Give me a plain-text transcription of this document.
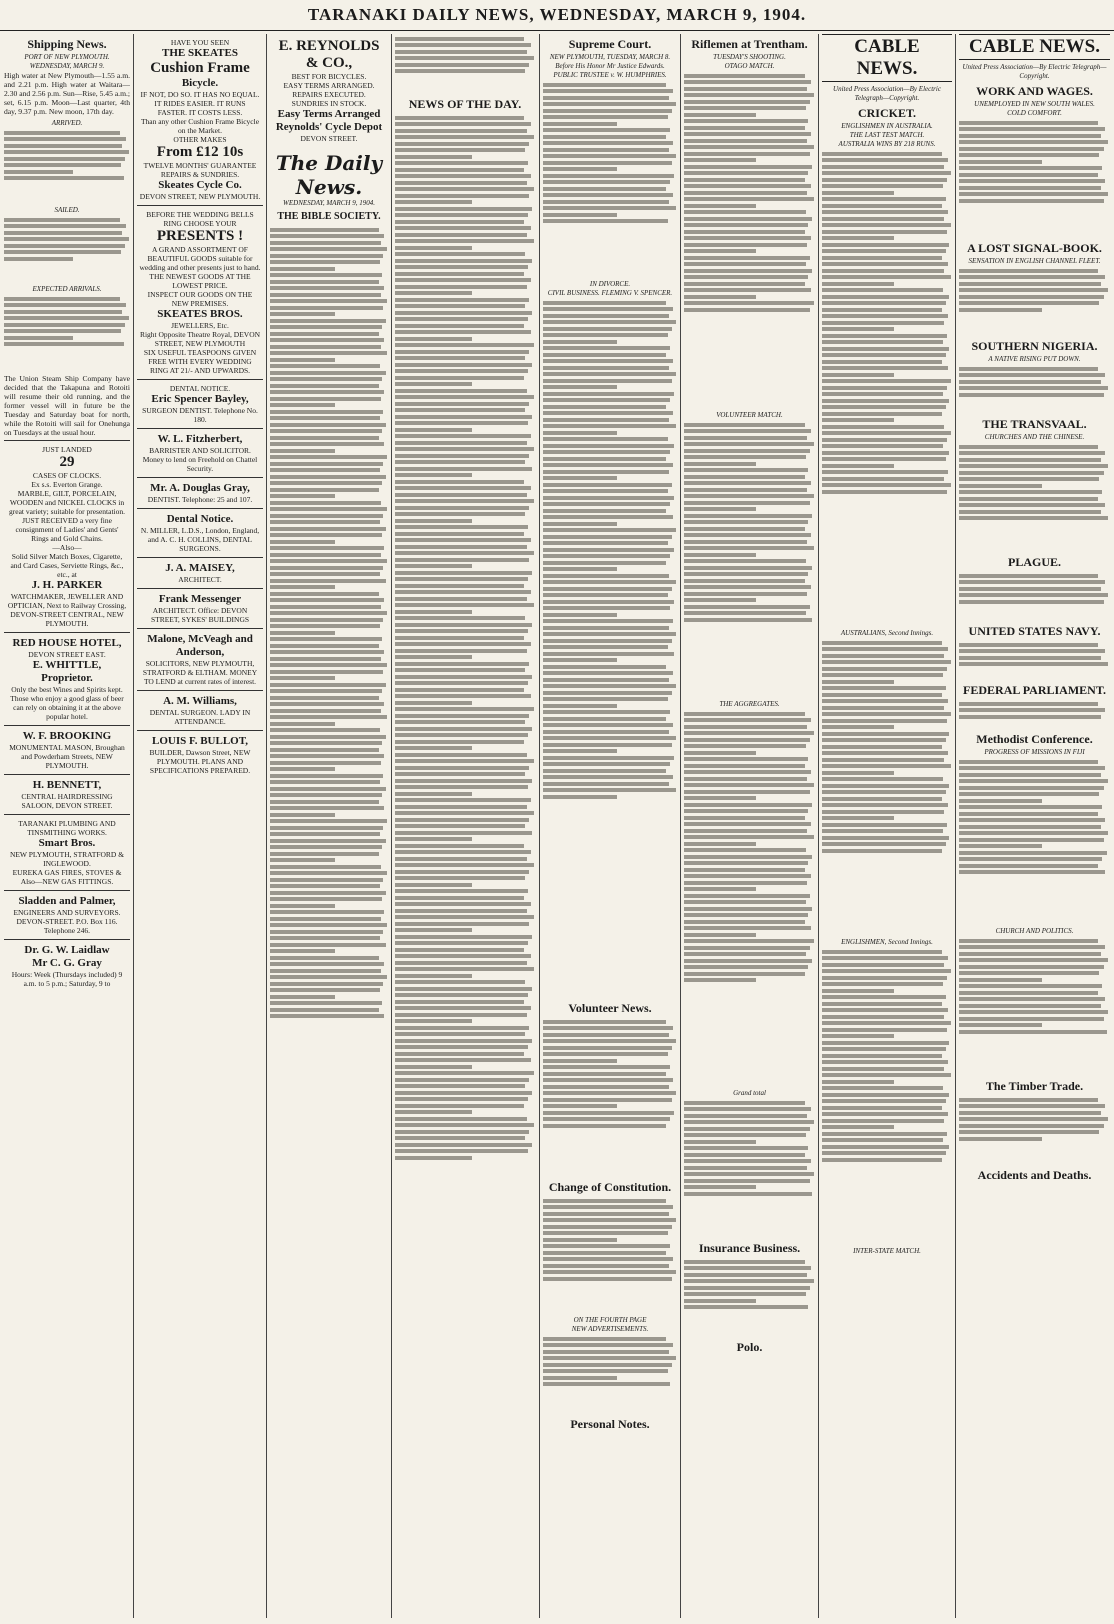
TARANAKI DAILY NEWS, WEDNESDAY, MARCH 9, 1904.
Shipping News.
PORT OF NEW PLYMOUTH.
WEDNESDAY, MARCH 9.
High water at New Plymouth—1.55 a.m. and 2.21 p.m. High water at Waitara—2.30 and 2.56 p.m. Sun—Rise, 5.45 a.m.; set, 6.15 p.m. Moon—Last quarter, 4th day, 9.37 p.m. New moon, 17th day.
ARRIVED.
SAILED.
EXPECTED ARRIVALS.
The Union Steam Ship Company have decided that the Takapuna and Rotoiti will resume their old running, and the former vessel will in future be the Tuesday and Saturday boat for north, while the Rotoiti will sail for Onehunga on Tuesdays at the usual hour.
JUST LANDED
29
CASES OF CLOCKS.
Ex s.s. Everton Grange.
MARBLE, GILT, PORCELAIN, WOODEN and NICKEL CLOCKS in great variety; suitable for presentation.
JUST RECEIVED a very fine consignment of Ladies' and Gents' Rings and Gold Chains.
—Also—
Solid Silver Match Boxes, Cigarette, and Card Cases, Serviette Rings, &c., etc., at
J. H. PARKER
WATCHMAKER, JEWELLER AND OPTICIAN, Next to Railway Crossing, DEVON-STREET CENTRAL, NEW PLYMOUTH.
RED HOUSE HOTEL,
DEVON STREET EAST.
E. WHITTLE, Proprietor.
Only the best Wines and Spirits kept. Those who enjoy a good glass of beer can rely on obtaining it at the above popular hotel.
W. F. BROOKING
MONUMENTAL MASON, Broughan and Powderham Streets, NEW PLYMOUTH.
H. BENNETT,
CENTRAL HAIRDRESSING SALOON, DEVON STREET.
TARANAKI PLUMBING AND TINSMITHING WORKS.
Smart Bros.
NEW PLYMOUTH, STRATFORD & INGLEWOOD.
EUREKA GAS FIRES, STOVES & Also—NEW GAS FITTINGS.
Sladden and Palmer,
ENGINEERS AND SURVEYORS. DEVON-STREET. P.O. Box 116. Telephone 246.
Dr. G. W. Laidlaw
Mr C. G. Gray
Hours: Week (Thursdays included) 9 a.m. to 5 p.m.; Saturday, 9 to
HAVE YOU SEEN
THE SKEATES
Cushion Frame
Bicycle.
IF NOT, DO SO. IT HAS NO EQUAL.
IT RIDES EASIER. IT RUNS FASTER. IT COSTS LESS.
Than any other Cushion Frame Bicycle on the Market.
OTHER MAKES
From £12 10s
TWELVE MONTHS' GUARANTEE
REPAIRS & SUNDRIES.
Skeates Cycle Co.
DEVON STREET, NEW PLYMOUTH.
BEFORE THE WEDDING BELLS RING CHOOSE YOUR
PRESENTS !
A GRAND ASSORTMENT OF BEAUTIFUL GOODS suitable for wedding and other presents just to hand.
THE NEWEST GOODS AT THE LOWEST PRICE.
INSPECT OUR GOODS ON THE NEW PREMISES.
SKEATES BROS.
JEWELLERS, Etc.
Right Opposite Theatre Royal, DEVON STREET, NEW PLYMOUTH
SIX USEFUL TEASPOONS GIVEN FREE WITH EVERY WEDDING RING AT 21/- AND UPWARDS.
DENTAL NOTICE.
Eric Spencer Bayley,
SURGEON DENTIST. Telephone No. 180.
W. L. Fitzherbert,
BARRISTER AND SOLICITOR. Money to lend on Freehold on Chattel Security.
Mr. A. Douglas Gray,
DENTIST. Telephone: 25 and 107.
Dental Notice.
N. MILLER, L.D.S., London, England, and A. C. H. COLLINS, DENTAL SURGEONS.
J. A. MAISEY,
ARCHITECT.
Frank Messenger
ARCHITECT. Office: DEVON STREET, SYKES' BUILDINGS
Malone, McVeagh and Anderson,
SOLICITORS, NEW PLYMOUTH, STRATFORD & ELTHAM. MONEY TO LEND at current rates of interest.
A. M. Williams,
DENTAL SURGEON. LADY IN ATTENDANCE.
LOUIS F. BULLOT,
BUILDER, Dawson Street, NEW PLYMOUTH. PLANS AND SPECIFICATIONS PREPARED.
E. REYNOLDS & CO.,
BEST FOR BICYCLES.
EASY TERMS ARRANGED.
REPAIRS EXECUTED.
SUNDRIES IN STOCK.
Easy Terms Arranged
Reynolds' Cycle Depot
DEVON STREET.
The Daily News.
WEDNESDAY, MARCH 9, 1904.
THE BIBLE SOCIETY.
NEWS OF THE DAY.
Supreme Court.
NEW PLYMOUTH, TUESDAY, MARCH 8.
Before His Honor Mr Justice Edwards.
PUBLIC TRUSTEE v. W. HUMPHRIES.
IN DIVORCE.
CIVIL BUSINESS. FLEMING V. SPENCER.
Volunteer News.
Change of Constitution.
ON THE FOURTH PAGE
NEW ADVERTISEMENTS.
Personal Notes.
Riflemen at Trentham.
TUESDAY'S SHOOTING.
OTAGO MATCH.
VOLUNTEER MATCH.
THE AGGREGATES.
Grand total
Insurance Business.
Polo.
CABLE NEWS.
United Press Association—By Electric Telegraph—Copyright.
CRICKET.
ENGLISHMEN IN AUSTRALIA.
THE LAST TEST MATCH.
AUSTRALIA WINS BY 218 RUNS.
AUSTRALIANS, Second Innings.
ENGLISHMEN, Second Innings.
INTER-STATE MATCH.
CABLE NEWS.
United Press Association—By Electric Telegraph—Copyright.
WORK AND WAGES.
UNEMPLOYED IN NEW SOUTH WALES.
COLD COMFORT.
A LOST SIGNAL-BOOK.
SENSATION IN ENGLISH CHANNEL FLEET.
SOUTHERN NIGERIA.
A NATIVE RISING PUT DOWN.
THE TRANSVAAL.
CHURCHES AND THE CHINESE.
PLAGUE.
UNITED STATES NAVY.
FEDERAL PARLIAMENT.
Methodist Conference.
PROGRESS OF MISSIONS IN FIJI
CHURCH AND POLITICS.
The Timber Trade.
Accidents and Deaths.
